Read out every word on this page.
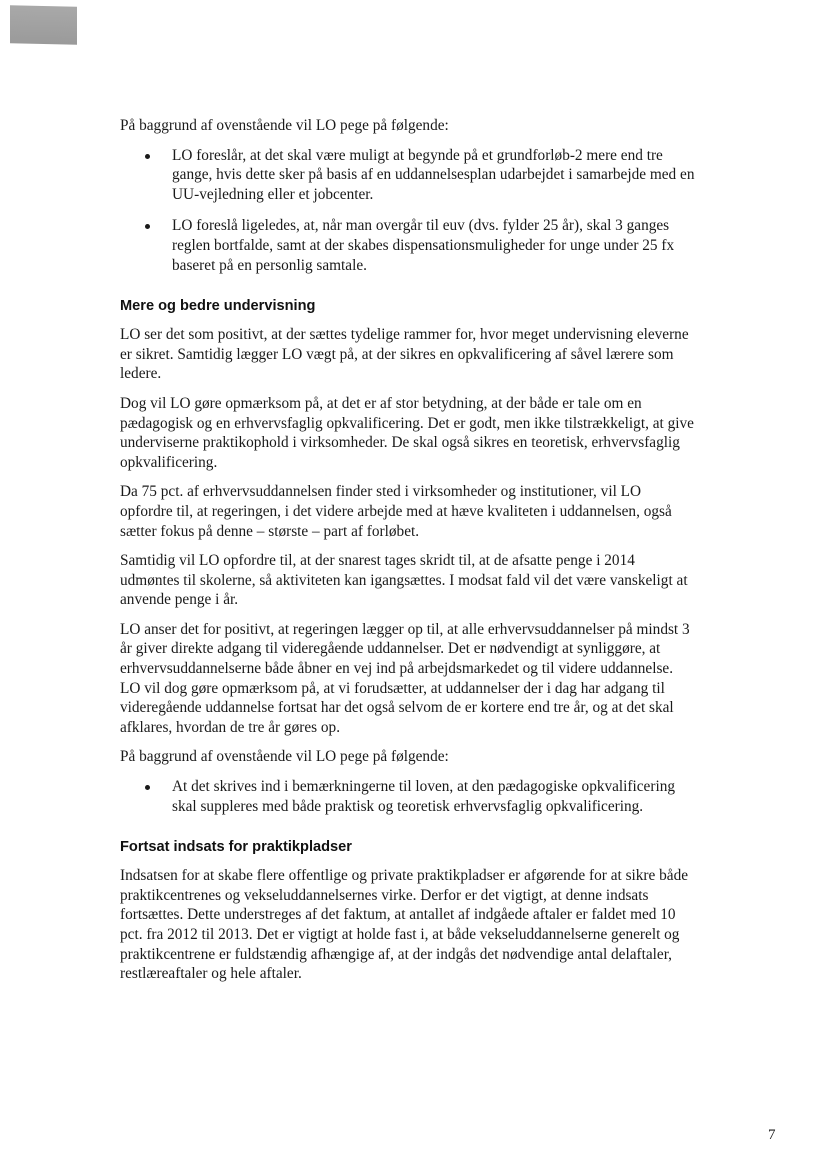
På baggrund af ovenstående vil LO pege på følgende:

LO foreslår, at det skal være muligt at begynde på et grundforløb-2 mere end tre gange, hvis dette sker på basis af en uddannelsesplan udarbejdet i samarbejde med en UU-vejledning eller et jobcenter.
LO foreslå ligeledes, at, når man overgår til euv (dvs. fylder 25 år), skal 3 ganges reglen bortfalde, samt at der skabes dispensationsmuligheder for unge under 25 fx baseret på en personlig samtale.
Mere og bedre undervisning

LO ser det som positivt, at der sættes tydelige rammer for, hvor meget undervisning eleverne er sikret. Samtidig lægger LO vægt på, at der sikres en opkvalificering af såvel lærere som ledere.

Dog vil LO gøre opmærksom på, at det er af stor betydning, at der både er tale om en pædagogisk og en erhvervsfaglig opkvalificering. Det er godt, men ikke tilstrækkeligt, at give underviserne praktikophold i virksomheder. De skal også sikres en teoretisk, erhvervsfaglig opkvalificering.

Da 75 pct. af erhvervsuddannelsen finder sted i virksomheder og institutioner, vil LO opfordre til, at regeringen, i det videre arbejde med at hæve kvaliteten i uddannelsen, også sætter fokus på denne – største – part af forløbet.

Samtidig vil LO opfordre til, at der snarest tages skridt til, at de afsatte penge i 2014 udmøntes til skolerne, så aktiviteten kan igangsættes. I modsat fald vil det være vanskeligt at anvende penge i år.

LO anser det for positivt, at regeringen lægger op til, at alle erhvervsuddannelser på mindst 3 år giver direkte adgang til videregående uddannelser. Det er nødvendigt at synliggøre, at erhvervsuddannelserne både åbner en vej ind på arbejdsmarkedet og til videre uddannelse. LO vil dog gøre opmærksom på, at vi forudsætter, at uddannelser der i dag har adgang til videregående uddannelse fortsat har det også selvom de er kortere end tre år, og at det skal afklares, hvordan de tre år gøres op.

På baggrund af ovenstående vil LO pege på følgende:

At det skrives ind i bemærkningerne til loven, at den pædagogiske opkvalificering skal suppleres med både praktisk og teoretisk erhvervsfaglig opkvalificering.
Fortsat indsats for praktikpladser

Indsatsen for at skabe flere offentlige og private praktikpladser er afgørende for at sikre både praktikcentrenes og vekseluddannelsernes virke. Derfor er det vigtigt, at denne indsats fortsættes. Dette understreges af det faktum, at antallet af indgåede aftaler er faldet med 10 pct. fra 2012 til 2013. Det er vigtigt at holde fast i, at både vekseluddannelserne generelt og praktikcentrene er fuldstændig afhængige af, at der indgås det nødvendige antal delaftaler, restlæreaftaler og hele aftaler.

7
